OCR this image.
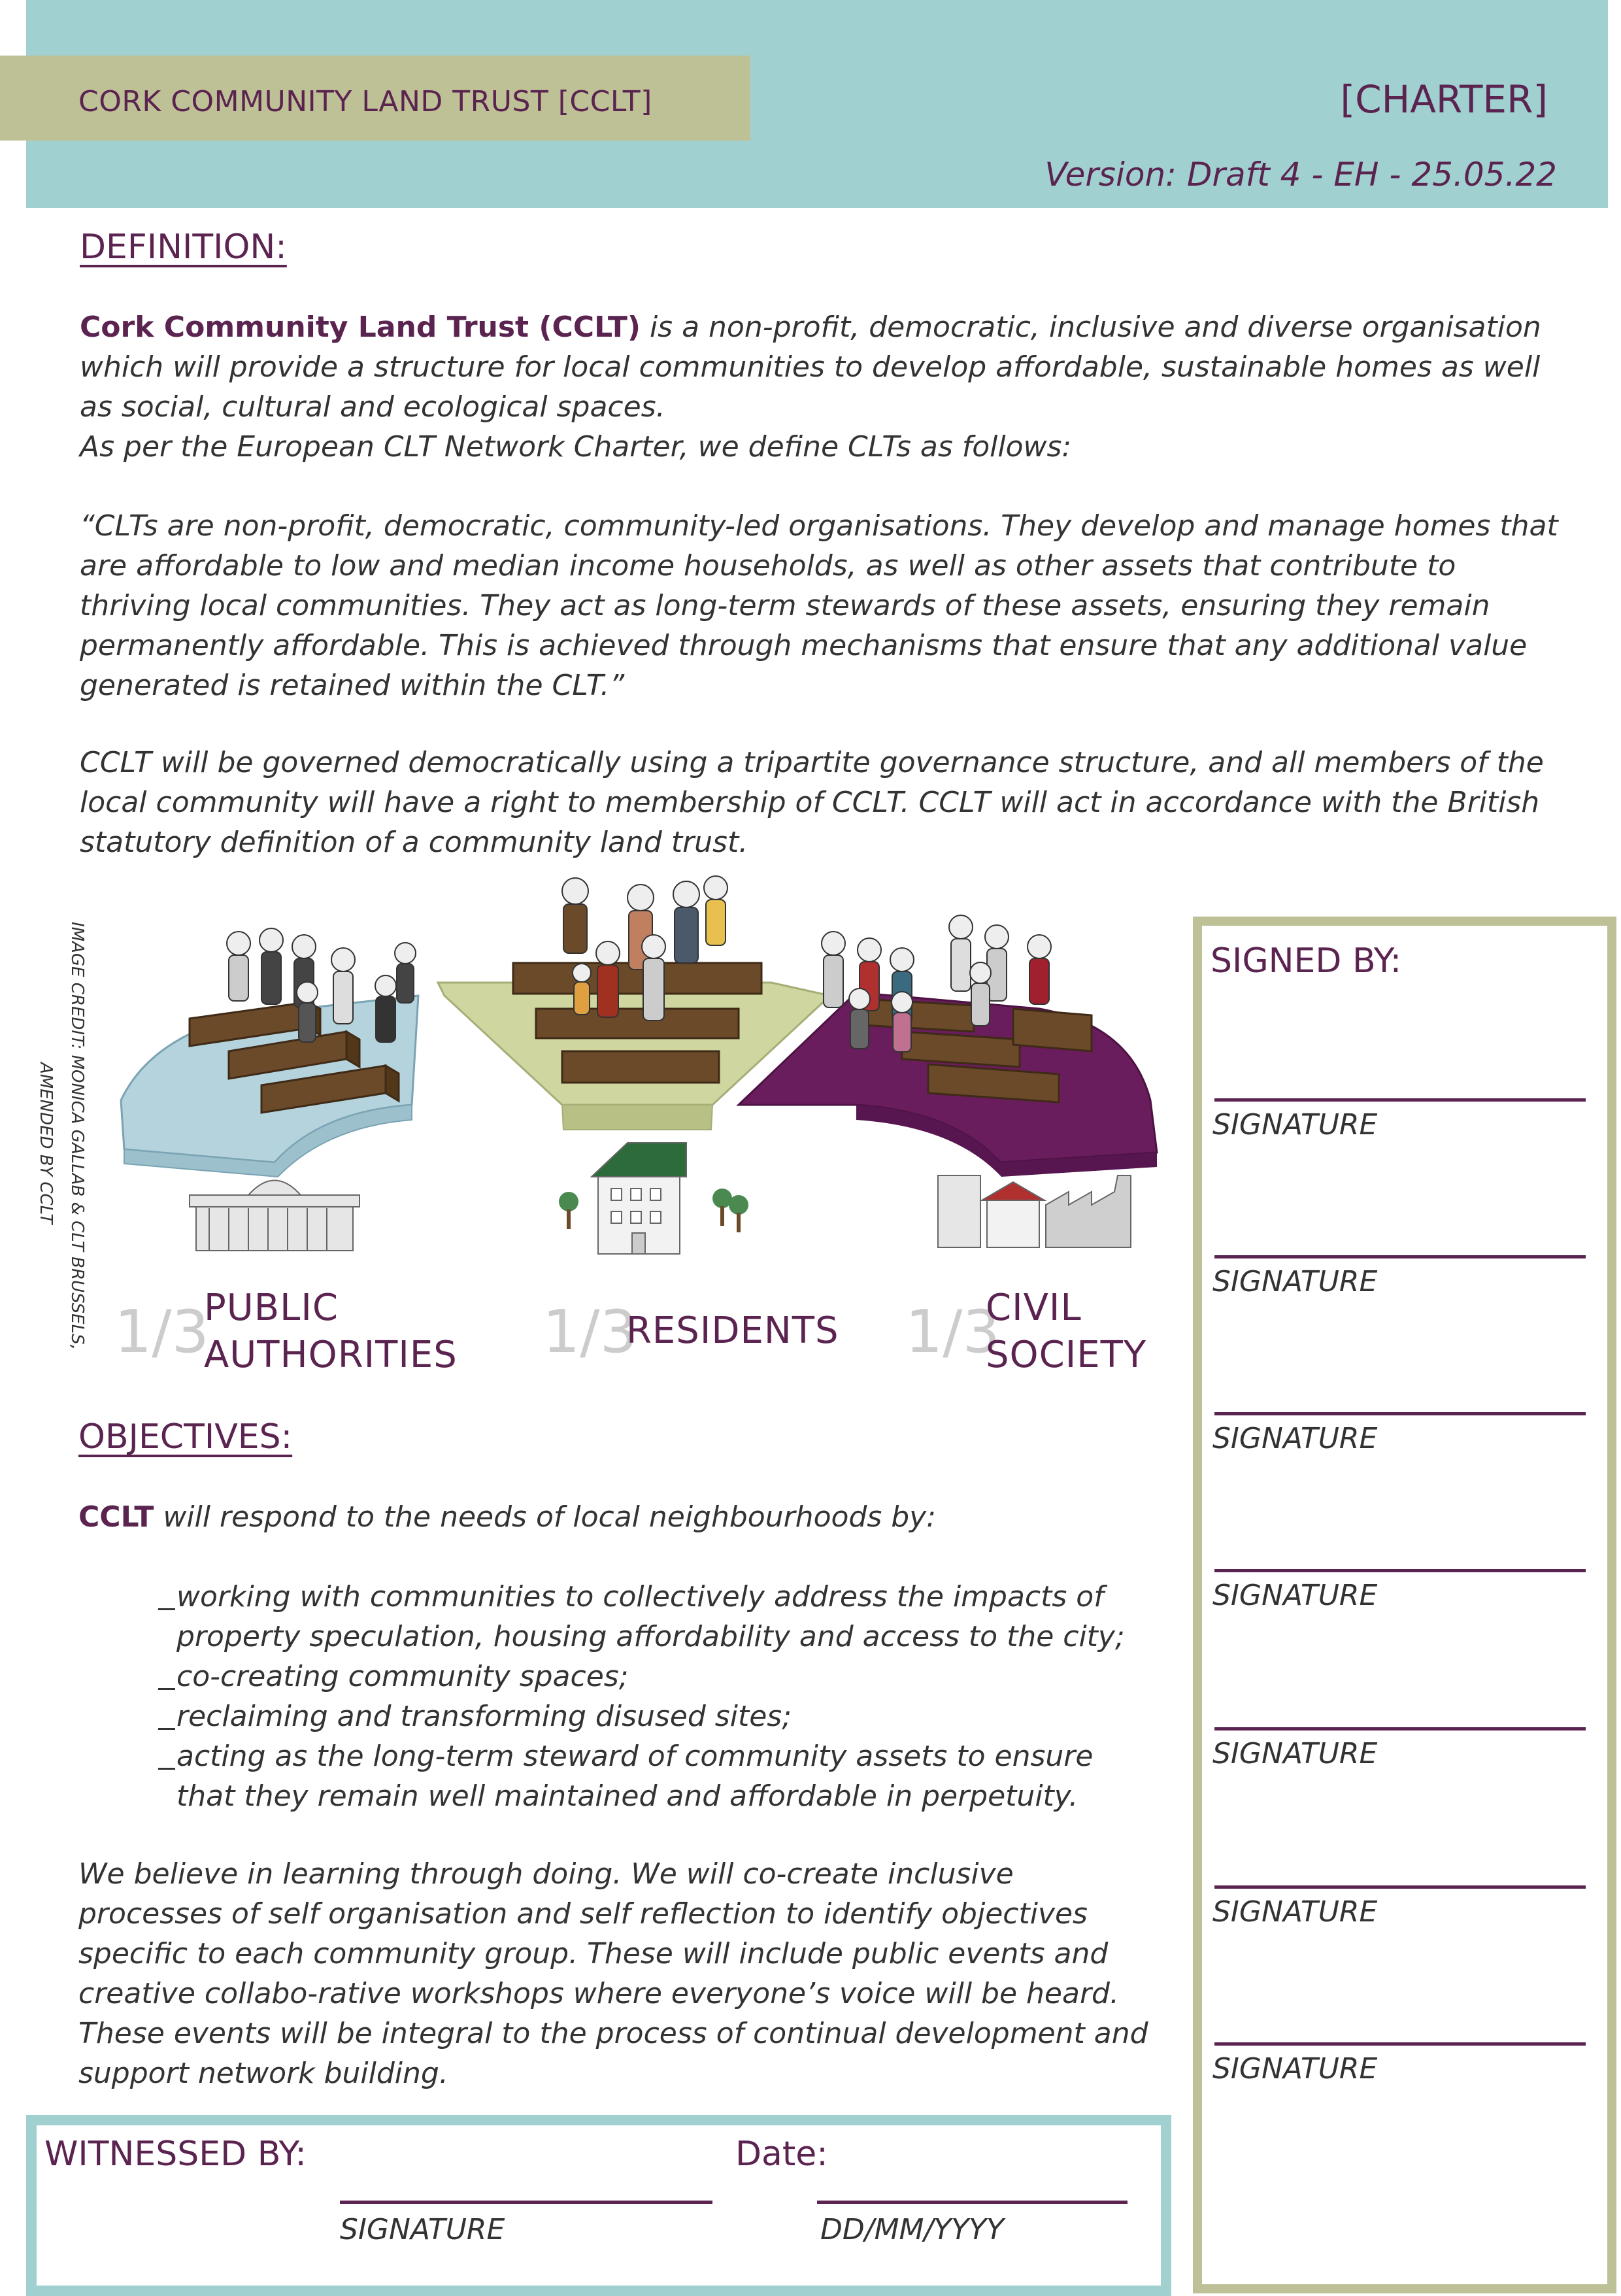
CORK COMMUNITY LAND TRUST [CCLT]	[CHARTER]
Version: Draft 4 - EH - 25.05.22
DEFINITION:
Cork Community Land Trust (CCLT) is a non-profit, democratic, inclusive and diverse organisation which will provide a structure for local communities to develop affordable, sustainable homes as well as social, cultural and ecological spaces.
As per the European CLT Network Charter, we define CLTs as follows:
“CLTs are non-profit, democratic, community-led organisations. They develop and manage homes that are affordable to low and median income households, as well as other assets that contribute to thriving local communities. They act as long-term stewards of these assets, ensuring they remain permanently affordable. This is achieved through mechanisms that ensure that any additional value generated is retained within the CLT.”
CCLT will be governed democratically using a tripartite governance structure, and all members of the local community will have a right to membership of CCLT. CCLT will act in accordance with the British statutory definition of a community land trust.
IMAGE CREDIT: MONICA GALLAB & CLT BRUSSELS,
AMENDED BY CCLT
1/3
PUBLIC
AUTHORITIES 1/3
RESIDENTS 1/3
CIVIL
SOCIETY
OBJECTIVES:
CCLT will respond to the needs of local neighbourhoods by:
working with communities to collectively address the impacts of property speculation, housing affordability and access to the city;
co-creating community spaces;
reclaiming and transforming disused sites;
acting as the long-term steward of community assets to ensure that they remain well maintained and affordable in perpetuity.
We believe in learning through doing. We will co-create inclusive processes of self organisation and self reflection to identify objectives specific to each community group. These will include public events and creative collabo-rative workshops where everyone’s voice will be heard. These events will be integral to the process of continual development and support network building.
SIGNED BY:
SIGNATURE
SIGNATURE
SIGNATURE
SIGNATURE
SIGNATURE
SIGNATURE
SIGNATURE
WITNESSED BY:	Date:
SIGNATURE	DD/MM/YYYY
